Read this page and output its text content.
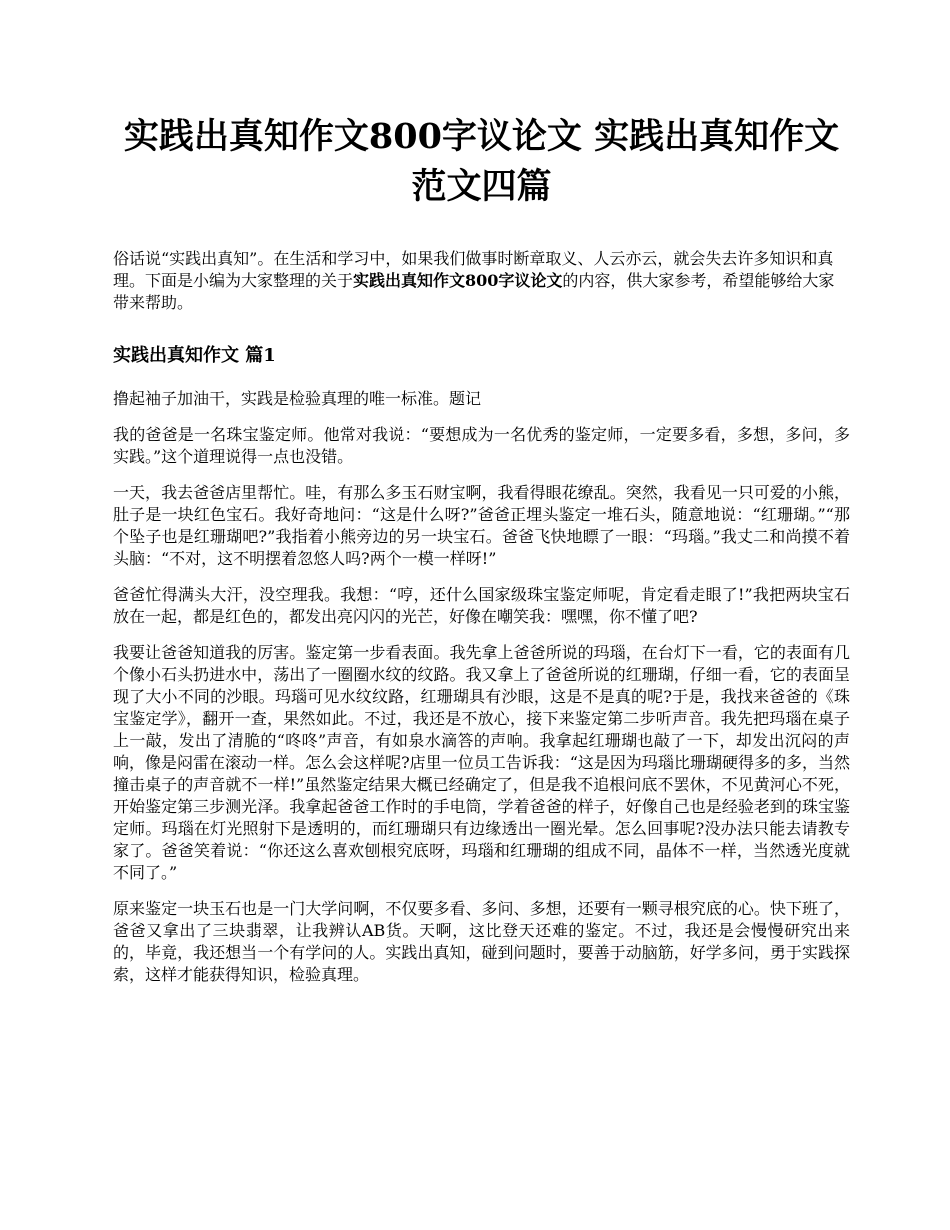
实践出真知作文800字议论文 实践出真知作文范文四篇

俗话说“实践出真知”。在生活和学习中，如果我们做事时断章取义、人云亦云，就会失去许多知识和真理。下面是小编为大家整理的关于实践出真知作文800字议论文的内容，供大家参考，希望能够给大家带来帮助。

实践出真知作文 篇1

撸起袖子加油干，实践是检验真理的唯一标准。题记

我的爸爸是一名珠宝鉴定师。他常对我说：“要想成为一名优秀的鉴定师，一定要多看，多想，多问，多实践。”这个道理说得一点也没错。

一天，我去爸爸店里帮忙。哇，有那么多玉石财宝啊，我看得眼花缭乱。突然，我看见一只可爱的小熊，肚子是一块红色宝石。我好奇地问：“这是什么呀?”爸爸正埋头鉴定一堆石头，随意地说：“红珊瑚。”“那个坠子也是红珊瑚吧?”我指着小熊旁边的另一块宝石。爸爸飞快地瞟了一眼：“玛瑙。”我丈二和尚摸不着头脑：“不对，这不明摆着忽悠人吗?两个一模一样呀!”

爸爸忙得满头大汗，没空理我。我想：“哼，还什么国家级珠宝鉴定师呢，肯定看走眼了!”我把两块宝石放在一起，都是红色的，都发出亮闪闪的光芒，好像在嘲笑我：嘿嘿，你不懂了吧?

我要让爸爸知道我的厉害。鉴定第一步看表面。我先拿上爸爸所说的玛瑙，在台灯下一看，它的表面有几个像小石头扔进水中，荡出了一圈圈水纹的纹路。我又拿上了爸爸所说的红珊瑚，仔细一看，它的表面呈现了大小不同的沙眼。玛瑙可见水纹纹路，红珊瑚具有沙眼，这是不是真的呢?于是，我找来爸爸的《珠宝鉴定学》，翻开一查，果然如此。不过，我还是不放心，接下来鉴定第二步听声音。我先把玛瑙在桌子上一敲，发出了清脆的“咚咚”声音，有如泉水滴答的声响。我拿起红珊瑚也敲了一下，却发出沉闷的声响，像是闷雷在滚动一样。怎么会这样呢?店里一位员工告诉我：“这是因为玛瑙比珊瑚硬得多的多，当然撞击桌子的声音就不一样!”虽然鉴定结果大概已经确定了，但是我不追根问底不罢休，不见黄河心不死，开始鉴定第三步测光泽。我拿起爸爸工作时的手电筒，学着爸爸的样子，好像自己也是经验老到的珠宝鉴定师。玛瑙在灯光照射下是透明的，而红珊瑚只有边缘透出一圈光晕。怎么回事呢?没办法只能去请教专家了。爸爸笑着说：“你还这么喜欢刨根究底呀，玛瑙和红珊瑚的组成不同，晶体不一样，当然透光度就不同了。”

原来鉴定一块玉石也是一门大学问啊，不仅要多看、多问、多想，还要有一颗寻根究底的心。快下班了，爸爸又拿出了三块翡翠，让我辨认AB货。天啊，这比登天还难的鉴定。不过，我还是会慢慢研究出来的，毕竟，我还想当一个有学问的人。实践出真知，碰到问题时，要善于动脑筋，好学多问，勇于实践探索，这样才能获得知识，检验真理。
